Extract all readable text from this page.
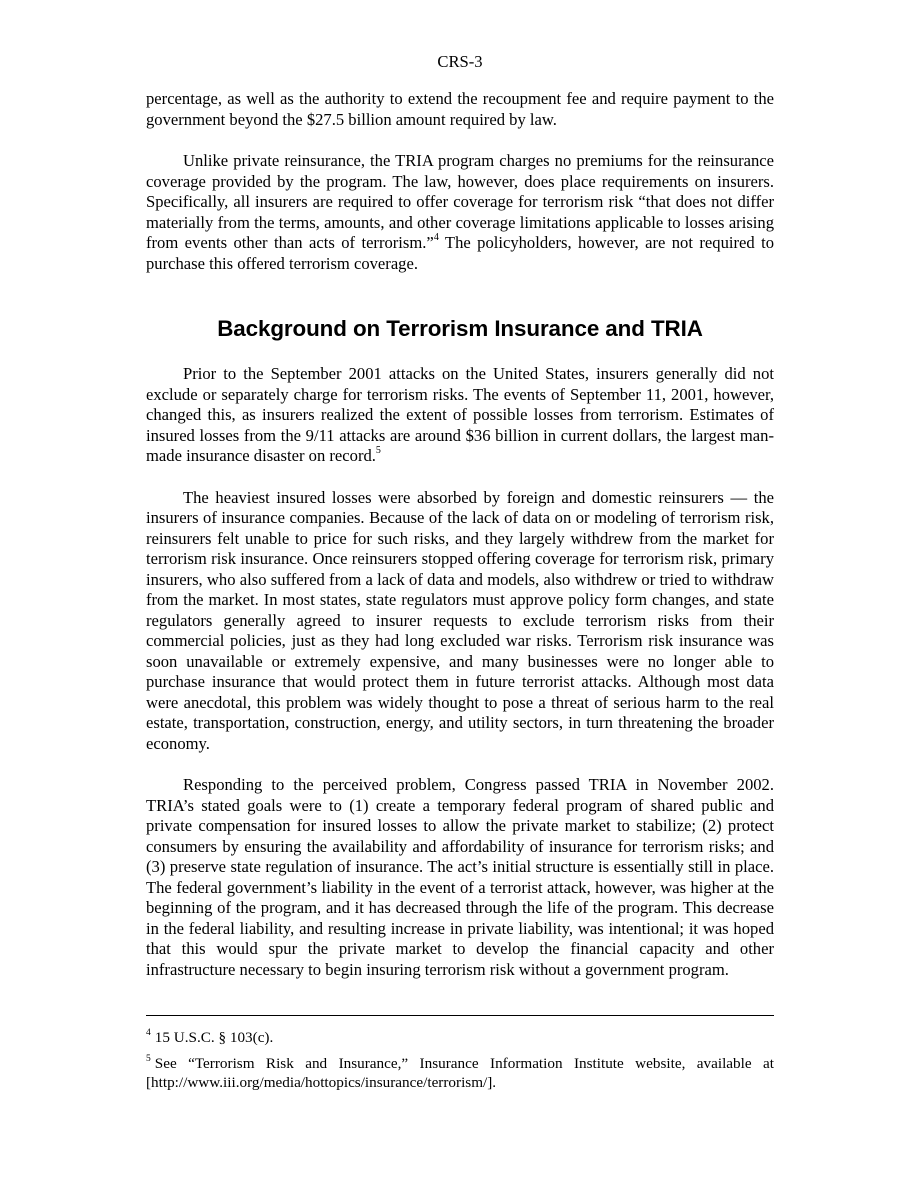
CRS-3

percentage, as well as the authority to extend the recoupment fee and require payment to the government beyond the $27.5 billion amount required by law.

Unlike private reinsurance, the TRIA program charges no premiums for the reinsurance coverage provided by the program. The law, however, does place requirements on insurers. Specifically, all insurers are required to offer coverage for terrorism risk “that does not differ materially from the terms, amounts, and other coverage limitations applicable to losses arising from events other than acts of terrorism.”$^4$ The policyholders, however, are not required to purchase this offered terrorism coverage.

Background on Terrorism Insurance and TRIA

Prior to the September 2001 attacks on the United States, insurers generally did not exclude or separately charge for terrorism risks. The events of September 11, 2001, however, changed this, as insurers realized the extent of possible losses from terrorism. Estimates of insured losses from the 9/11 attacks are around $36 billion in current dollars, the largest man-made insurance disaster on record.$^5$

The heaviest insured losses were absorbed by foreign and domestic reinsurers — the insurers of insurance companies. Because of the lack of data on or modeling of terrorism risk, reinsurers felt unable to price for such risks, and they largely withdrew from the market for terrorism risk insurance. Once reinsurers stopped offering coverage for terrorism risk, primary insurers, who also suffered from a lack of data and models, also withdrew or tried to withdraw from the market. In most states, state regulators must approve policy form changes, and state regulators generally agreed to insurer requests to exclude terrorism risks from their commercial policies, just as they had long excluded war risks. Terrorism risk insurance was soon unavailable or extremely expensive, and many businesses were no longer able to purchase insurance that would protect them in future terrorist attacks. Although most data were anecdotal, this problem was widely thought to pose a threat of serious harm to the real estate, transportation, construction, energy, and utility sectors, in turn threatening the broader economy.

Responding to the perceived problem, Congress passed TRIA in November 2002. TRIA’s stated goals were to (1) create a temporary federal program of shared public and private compensation for insured losses to allow the private market to stabilize; (2) protect consumers by ensuring the availability and affordability of insurance for terrorism risks; and (3) preserve state regulation of insurance. The act’s initial structure is essentially still in place. The federal government’s liability in the event of a terrorist attack, however, was higher at the beginning of the program, and it has decreased through the life of the program. This decrease in the federal liability, and resulting increase in private liability, was intentional; it was hoped that this would spur the private market to develop the financial capacity and other infrastructure necessary to begin insuring terrorism risk without a government program.

$^4$ 15 U.S.C. § 103(c).
$^5$ See “Terrorism Risk and Insurance,” Insurance Information Institute website, available at [http://www.iii.org/media/hottopics/insurance/terrorism/].
